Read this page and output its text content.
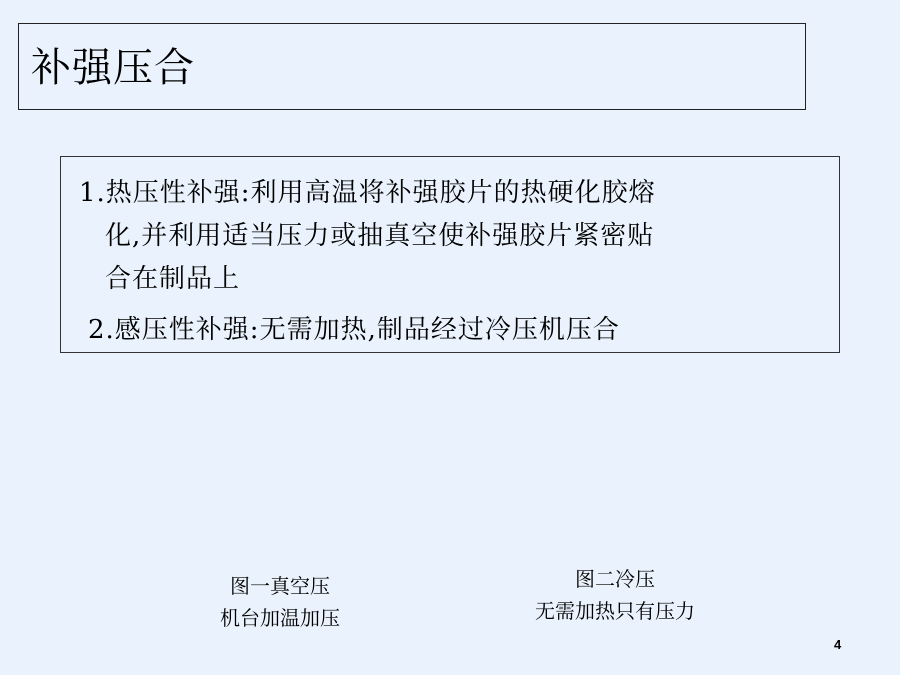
补强压合
1.热压性补强:利用高温将补强胶片的热硬化胶熔
化,并利用适当压力或抽真空使补强胶片紧密贴
合在制品上
2.感压性补强:无需加热,制品经过冷压机压合
图一真空压
机台加温加压
图二冷压
无需加热只有压力
4
